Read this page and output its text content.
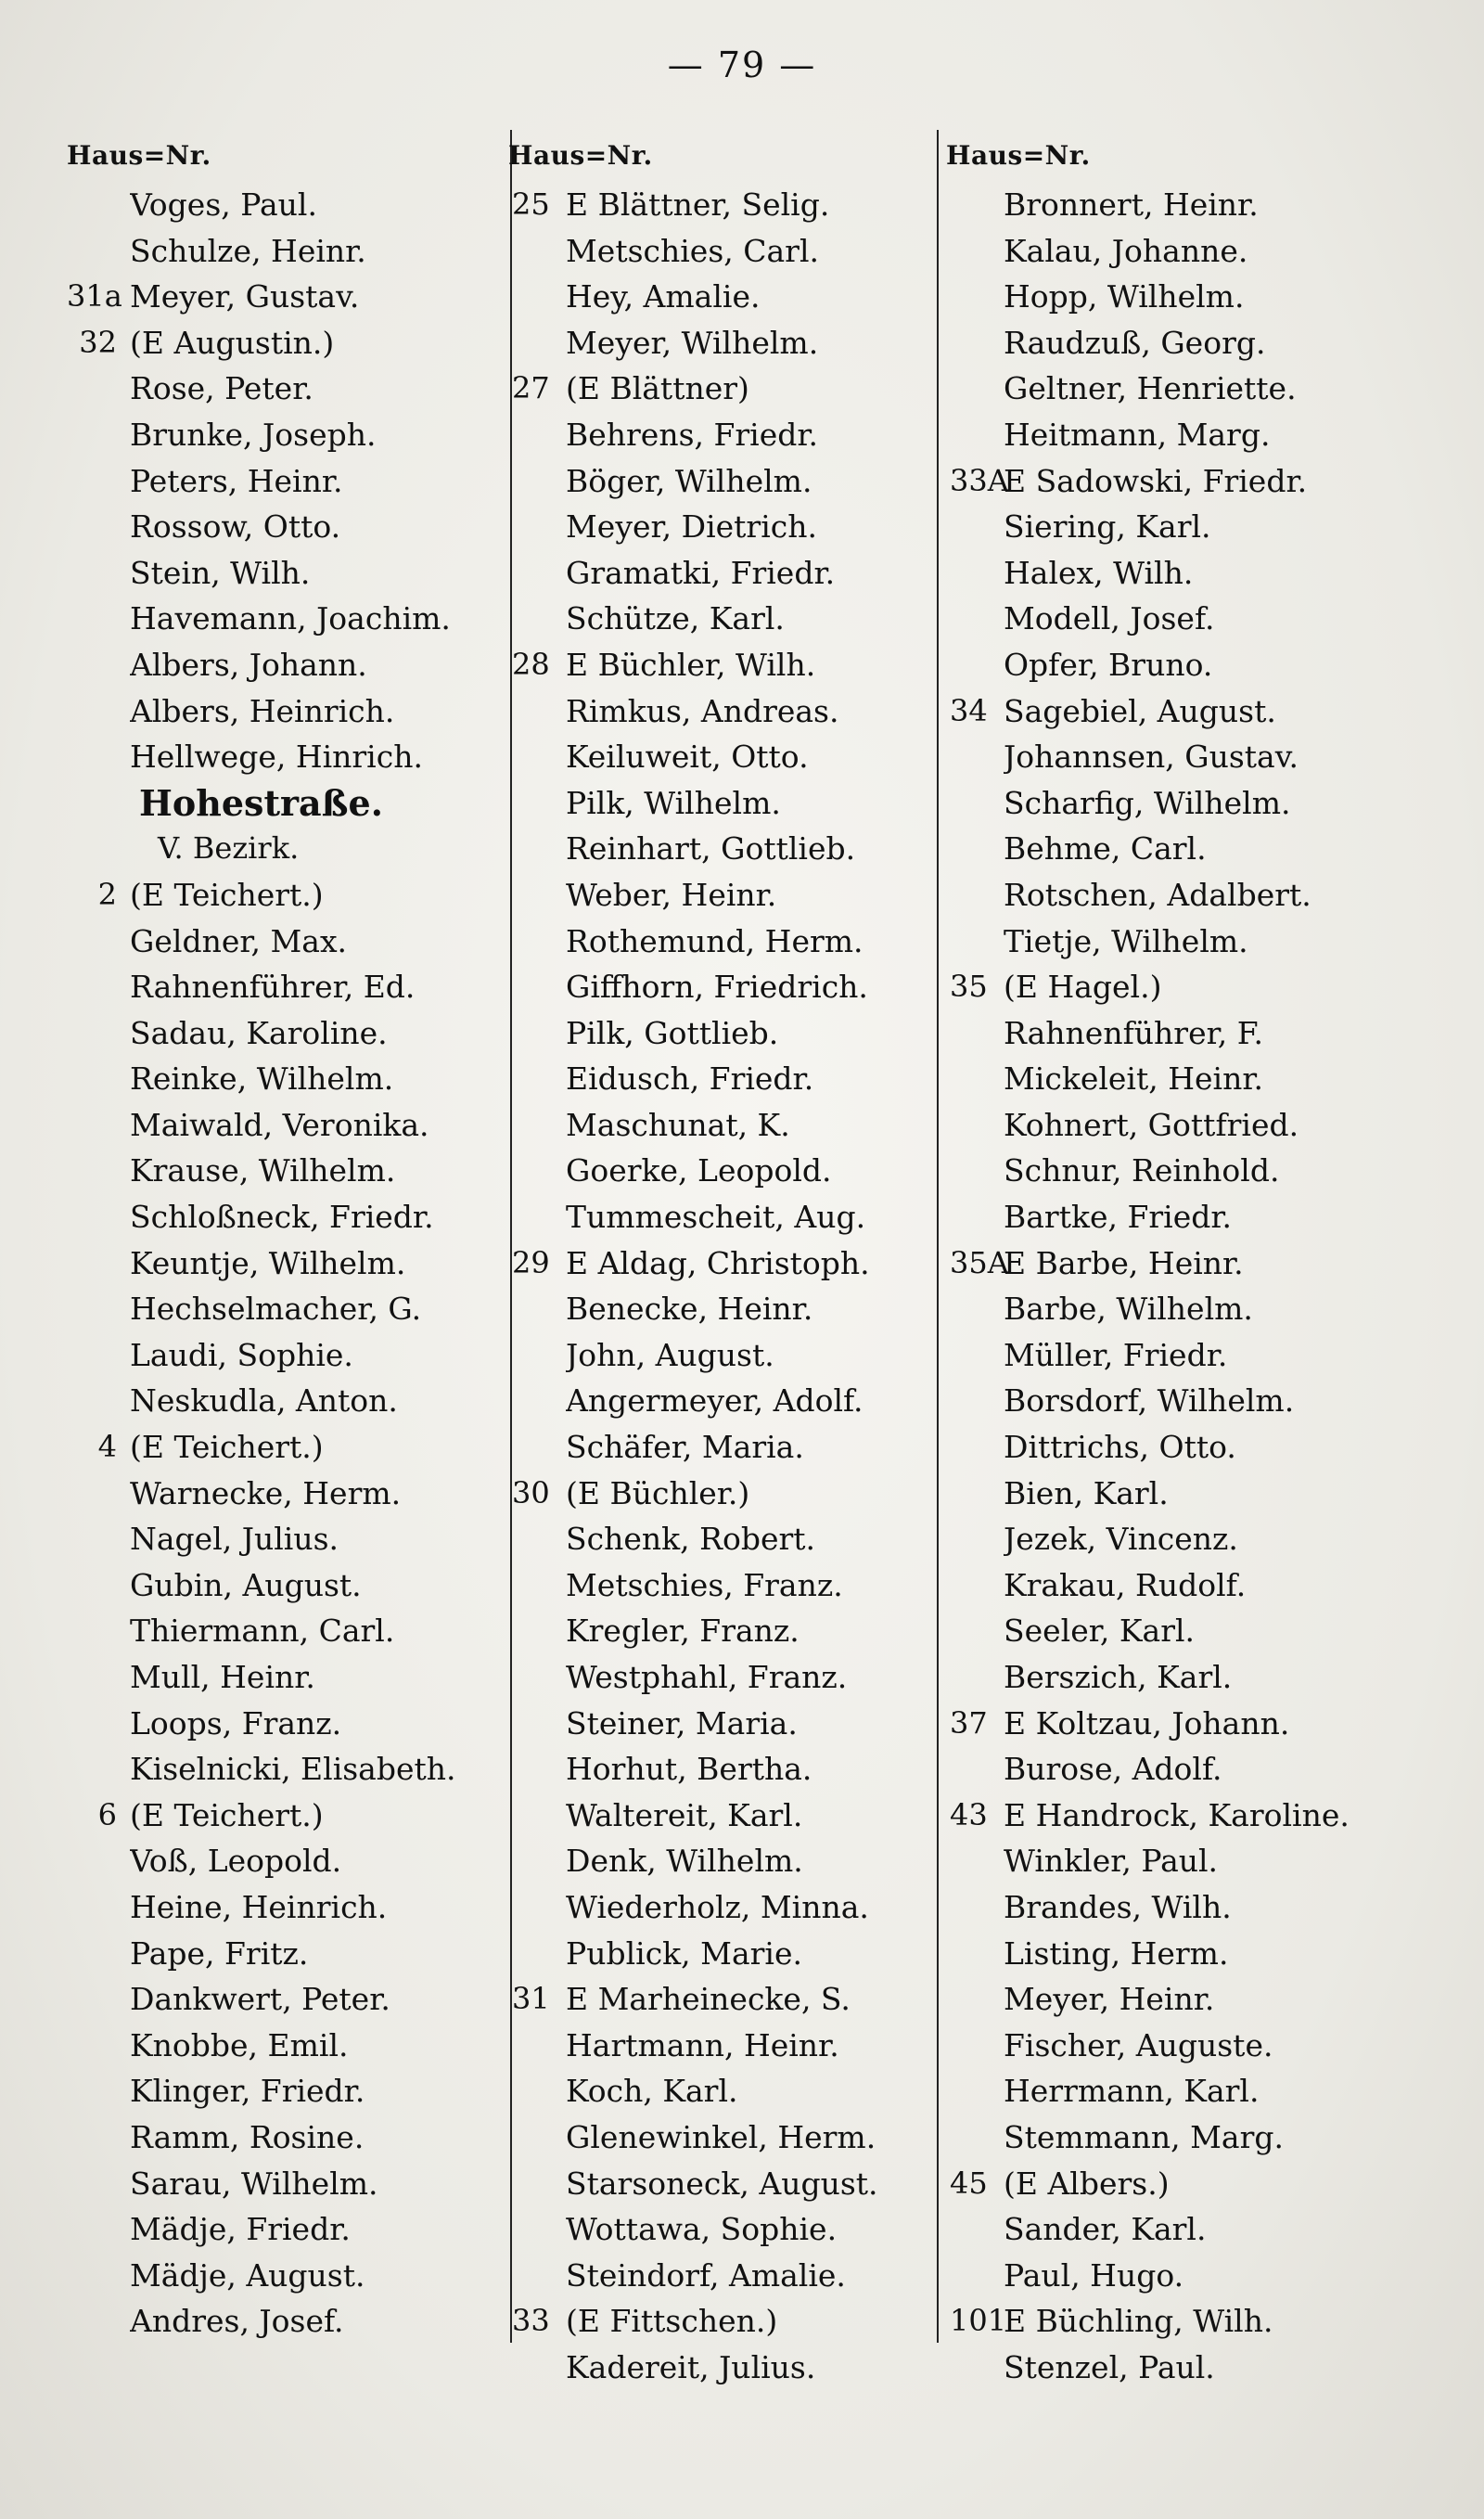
— 79 —
Haus=Nr.
Voges, Paul.
Schulze, Heinr.
31a Meyer, Gustav.
32 (E Augustin.)
Rose, Peter.
Brunke, Joseph.
Peters, Heinr.
Rossow, Otto.
Stein, Wilh.
Havemann, Joachim.
Albers, Johann.
Albers, Heinrich.
Hellwege, Hinrich.
Hohestraße.
V. Bezirk.
2 (E Teichert.)
Geldner, Max.
Rahnenführer, Ed.
Sadau, Karoline.
Reinke, Wilhelm.
Maiwald, Veronika.
Krause, Wilhelm.
Schloßneck, Friedr.
Keuntje, Wilhelm.
Hechselmacher, G.
Laudi, Sophie.
Neskudla, Anton.
4 (E Teichert.)
Warnecke, Herm.
Nagel, Julius.
Gubin, August.
Thiermann, Carl.
Mull, Heinr.
Loops, Franz.
Kiselnicki, Elisabeth.
6 (E Teichert.)
Voß, Leopold.
Heine, Heinrich.
Pape, Fritz.
Dankwert, Peter.
Knobbe, Emil.
Klinger, Friedr.
Ramm, Rosine.
Sarau, Wilhelm.
Mädje, Friedr.
Mädje, August.
Andres, Josef.
Haus=Nr.
25 E Blättner, Selig.
Metschies, Carl.
Hey, Amalie.
Meyer, Wilhelm.
27 (E Blättner)
Behrens, Friedr.
Böger, Wilhelm.
Meyer, Dietrich.
Gramatki, Friedr.
Schütze, Karl.
28 E Büchler, Wilh.
Rimkus, Andreas.
Keiluweit, Otto.
Pilk, Wilhelm.
Reinhart, Gottlieb.
Weber, Heinr.
Rothemund, Herm.
Giffhorn, Friedrich.
Pilk, Gottlieb.
Eidusch, Friedr.
Maschunat, K.
Goerke, Leopold.
Tummescheit, Aug.
29 E Aldag, Christoph.
Benecke, Heinr.
John, August.
Angermeyer, Adolf.
Schäfer, Maria.
30 (E Büchler.)
Schenk, Robert.
Metschies, Franz.
Kregler, Franz.
Westphahl, Franz.
Steiner, Maria.
Horhut, Bertha.
Waltereit, Karl.
Denk, Wilhelm.
Wiederholz, Minna.
Publick, Marie.
31 E Marheinecke, S.
Hartmann, Heinr.
Koch, Karl.
Glenewinkel, Herm.
Starsoneck, August.
Wottawa, Sophie.
Steindorf, Amalie.
33 (E Fittschen.)
Kadereit, Julius.
Haus=Nr.
Bronnert, Heinr.
Kalau, Johanne.
Hopp, Wilhelm.
Raudzuß, Georg.
Geltner, Henriette.
Heitmann, Marg.
33A
E Sadowski, Friedr.
Siering, Karl.
Halex, Wilh.
Modell, Josef.
Opfer, Bruno.
34 Sagebiel, August.
Johannsen, Gustav.
Scharfig, Wilhelm.
Behme, Carl.
Rotschen, Adalbert.
Tietje, Wilhelm.
35 (E Hagel.)
Rahnenführer, F.
Mickeleit, Heinr.
Kohnert, Gottfried.
Schnur, Reinhold.
Bartke, Friedr.
35A
E Barbe, Heinr.
Barbe, Wilhelm.
Müller, Friedr.
Borsdorf, Wilhelm.
Dittrichs, Otto.
Bien, Karl.
Jezek, Vincenz.
Krakau, Rudolf.
Seeler, Karl.
Berszich, Karl.
37 E Koltzau, Johann.
Burose, Adolf.
43 E Handrock, Karoline.
Winkler, Paul.
Brandes, Wilh.
Listing, Herm.
Meyer, Heinr.
Fischer, Auguste.
Herrmann, Karl.
Stemmann, Marg.
45 (E Albers.)
Sander, Karl.
Paul, Hugo.
101
E Büchling, Wilh.
Stenzel, Paul.
